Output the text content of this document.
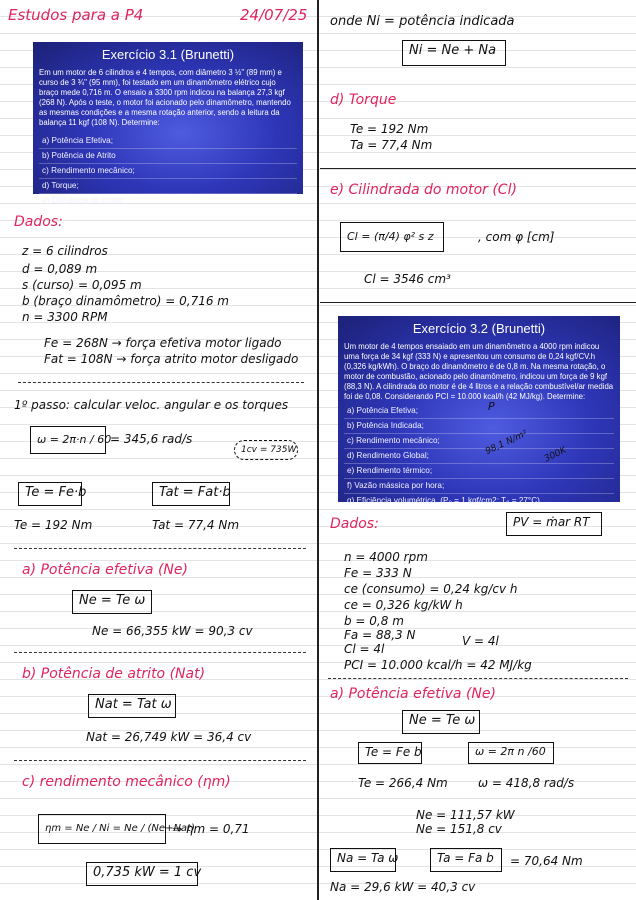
Estudos para a P4	24/07/25
Exercício 3.1 (Brunetti)
Em um motor de 6 cilindros e 4 tempos, com diâmetro 3 ½" (89 mm) e curso de 3 ¾" (95 mm), foi testado em um dinamômetro elétrico cujo braço mede 0,716 m. O ensaio a 3300 rpm indicou na balança 27,3 kgf (268 N). Após o teste, o motor foi acionado pelo dinamômetro, mantendo as mesmas condições e a mesma rotação anterior, sendo a leitura da balança 11 kgf (108 N). Determine:
a) Potência Efetiva;
b) Potência de Atrito
c) Rendimento mecânico;
d) Torque;
e) Cilindrada do motor;
Dados:
z = 6 cilindros
d = 0,089 m
s (curso) = 0,095 m
b (braço dinamômetro) = 0,716 m
n = 3300 RPM
Fe = 268N → força efetiva motor ligado
Fat = 108N → força atrito motor desligado
1º passo: calcular veloc. angular e os torques
ω = 2π·n / 60
= 345,6 rad/s
1cv = 735W
Te = Fe·b	Tat = Fat·b
Te = 192 Nm	Tat = 77,4 Nm
a) Potência efetiva (Ne)
Ne = Te ω
Ne = 66,355 kW = 90,3 cv
b) Potência de atrito (Nat)
Nat = Tat ω
Nat = 26,749 kW = 36,4 cv
c) rendimento mecânico (ηm)
ηm = Ne / Ni = Ne / (Ne+Nat)
⇒ ηm = 0,71
0,735 kW = 1 cv
onde Ni = potência indicada
Ni = Ne + Na
d) Torque
Te = 192 Nm
Ta = 77,4 Nm
e) Cilindrada do motor (Cl)
Cl = (π/4) φ² s z	, com φ [cm]
Cl = 3546 cm³
Exercício 3.2 (Brunetti)
Um motor de 4 tempos ensaiado em um dinamômetro a 4000 rpm indicou uma força de 34 kgf (333 N) e apresentou um consumo de 0,24 kgf/CV.h (0,326 kg/kWh). O braço do dinamômetro é de 0,8 m. Na mesma rotação, o motor de combustão, acionado pelo dinamômetro, indicou um força de 9 kgf (88,3 N). A cilindrada do motor é de 4 litros e a relação combustível/ar medida foi de 0,08. Considerando PCI = 10.000 kcal/h (42 MJ/kg). Determine:
a) Potência Efetiva;
b) Potência Indicada;
c) Rendimento mecânico;
d) Rendimento Global;
e) Rendimento térmico;
f) Vazão mássica por hora;
g) Eficiência volumétrica. (P₀ = 1 kgf/cm2; T₀ = 27°C)
P
98,1 N/m² 300K
Dados:	PV = ṁar RT
n = 4000 rpm
Fe = 333 N
ce (consumo) = 0,24 kg/cv h
ce = 0,326 kg/kW h
b = 0,8 m
Fa = 88,3 N
Cl = 4l
V = 4l
PCI = 10.000 kcal/h = 42 MJ/kg
a) Potência efetiva (Ne)
Ne = Te ω
Te = Fe b	ω = 2π n /60
Te = 266,4 Nm	ω = 418,8 rad/s
Ne = 111,57 kW
Ne = 151,8 cv
Na = Ta ω	Ta = Fa b	= 70,64 Nm
Na = 29,6 kW = 40,3 cv
